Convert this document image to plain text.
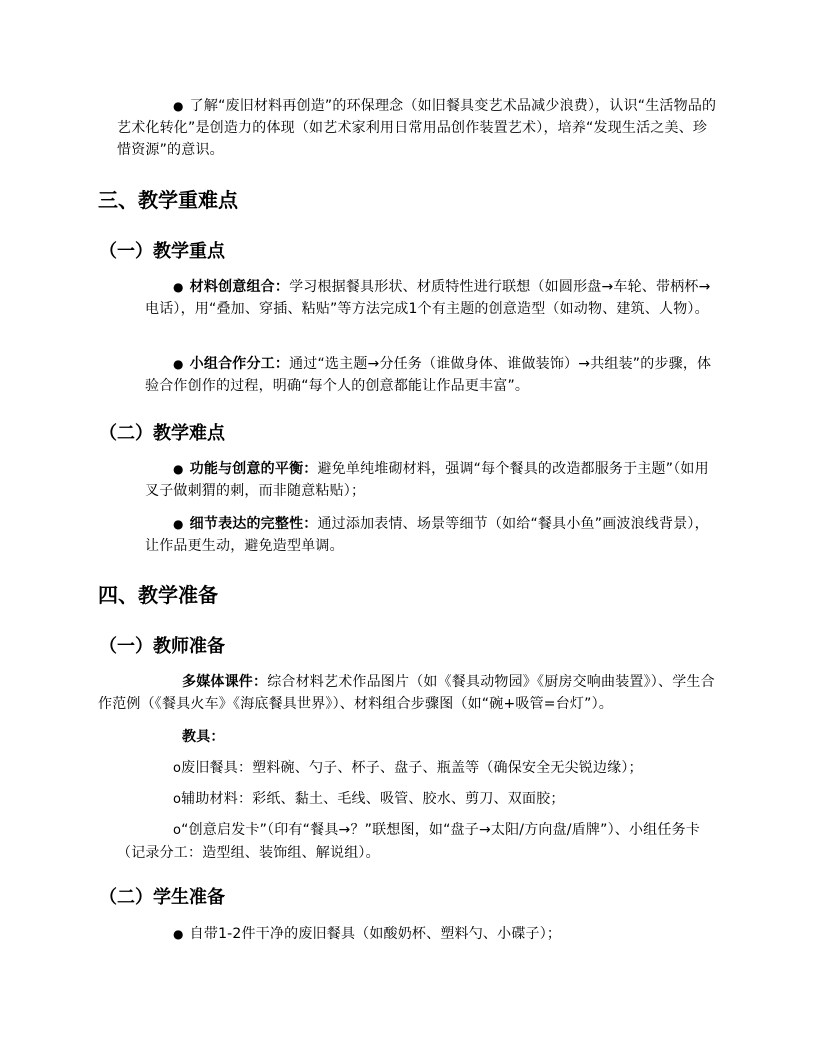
● 了解“废旧材料再创造”的环保理念（如旧餐具变艺术品减少浪费），认识“生活物品的艺术化转化”是创造力的体现（如艺术家利用日常用品创作装置艺术），培养“发现生活之美、珍惜资源”的意识。
三、教学重难点
（一）教学重点
● 材料创意组合：学习根据餐具形状、材质特性进行联想（如圆形盘→车轮、带柄杯→电话），用“叠加、穿插、粘贴”等方法完成1个有主题的创意造型（如动物、建筑、人物）。
● 小组合作分工：通过“选主题→分任务（谁做身体、谁做装饰）→共组装”的步骤，体验合作创作的过程，明确“每个人的创意都能让作品更丰富”。
（二）教学难点
● 功能与创意的平衡：避免单纯堆砌材料，强调“每个餐具的改造都服务于主题”（如用叉子做刺猬的刺，而非随意粘贴）；
● 细节表达的完整性：通过添加表情、场景等细节（如给“餐具小鱼”画波浪线背景），让作品更生动，避免造型单调。
四、教学准备
（一）教师准备
多媒体课件：综合材料艺术作品图片（如《餐具动物园》《厨房交响曲装置》）、学生合作范例（《餐具火车》《海底餐具世界》）、材料组合步骤图（如“碗+吸管=台灯”）。
教具：
o废旧餐具：塑料碗、勺子、杯子、盘子、瓶盖等（确保安全无尖锐边缘）；
o辅助材料：彩纸、黏土、毛线、吸管、胶水、剪刀、双面胶；
o“创意启发卡”（印有“餐具→？”联想图，如“盘子→太阳/方向盘/盾牌”）、小组任务卡（记录分工：造型组、装饰组、解说组）。
（二）学生准备
● 自带1-2件干净的废旧餐具（如酸奶杯、塑料勺、小碟子）；
